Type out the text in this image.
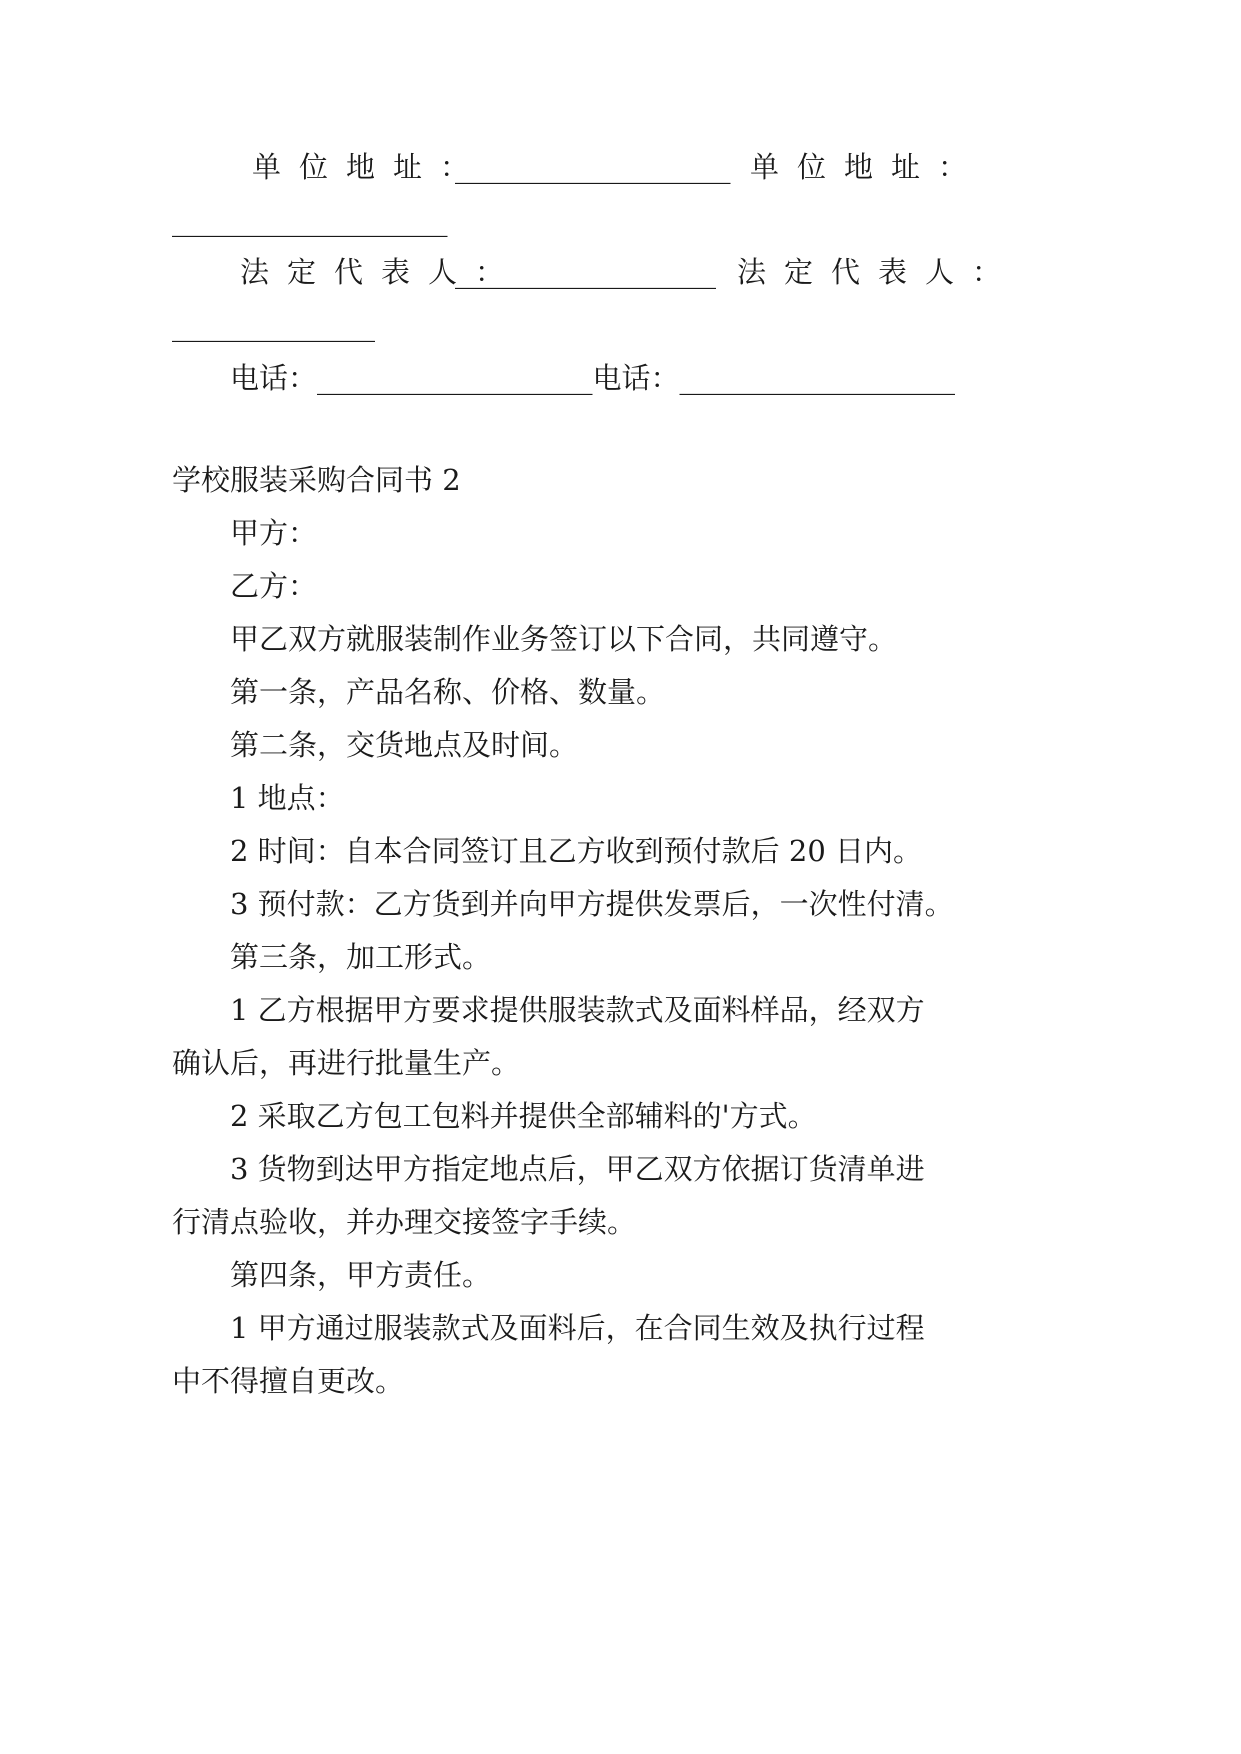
单位地址：
___________________ 单位地址：
___________________
法定代表人：
__________________ 法定代表人：
______________
电话：___________________电话：___________________
学校服装采购合同书 2
甲方：
乙方：
甲乙双方就服装制作业务签订以下合同，共同遵守。
第一条，产品名称、价格、数量。
第二条，交货地点及时间。
1 地点：
2 时间：自本合同签订且乙方收到预付款后 20 日内。
3 预付款：乙方货到并向甲方提供发票后，一次性付清。
第三条，加工形式。
1 乙方根据甲方要求提供服装款式及面料样品，经双方
确认后，再进行批量生产。
2 采取乙方包工包料并提供全部辅料的'方式。
3 货物到达甲方指定地点后，甲乙双方依据订货清单进
行清点验收，并办理交接签字手续。
第四条，甲方责任。
1 甲方通过服装款式及面料后，在合同生效及执行过程
中不得擅自更改。
